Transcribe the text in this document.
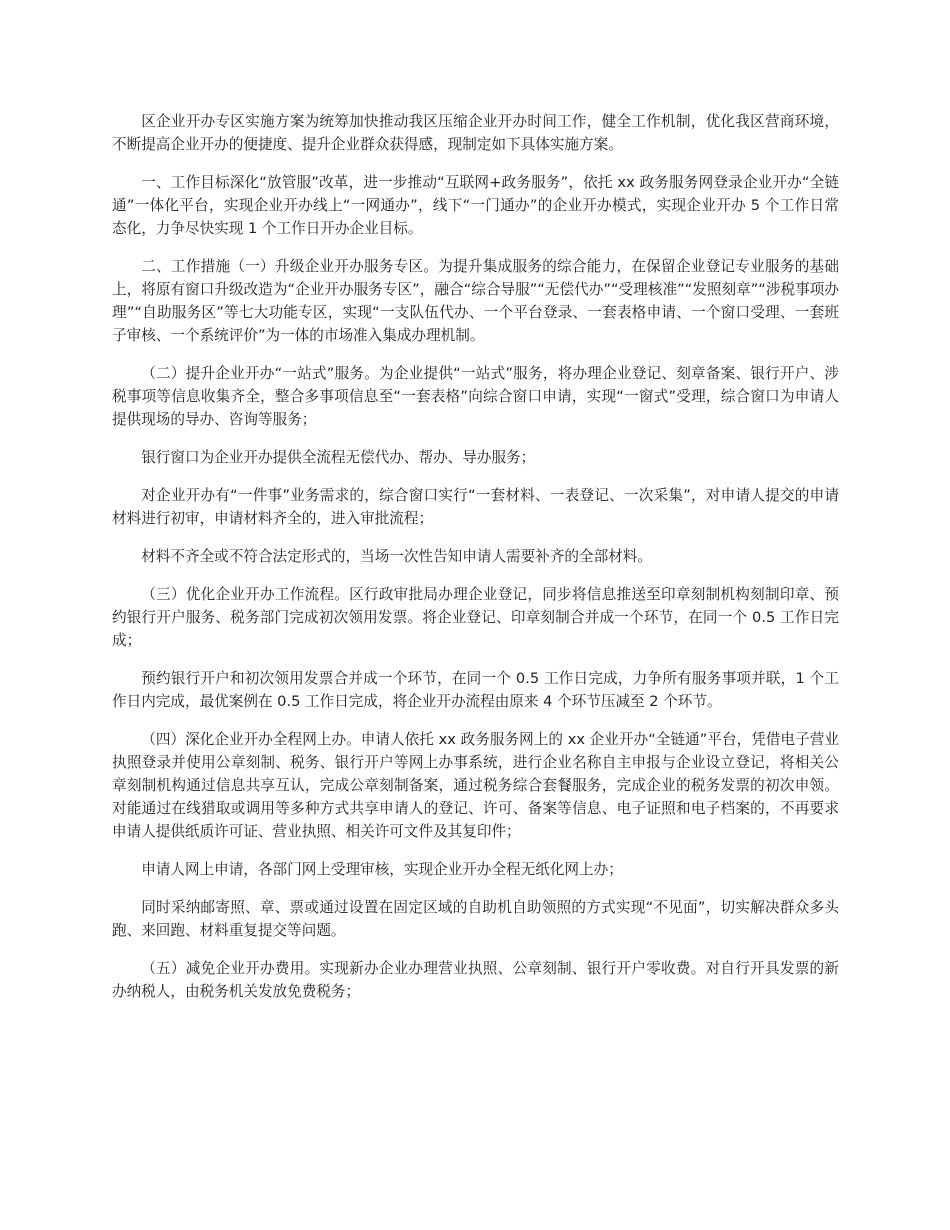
区企业开办专区实施方案为统筹加快推动我区压缩企业开办时间工作，健全工作机制，优化我区营商环境，不断提高企业开办的便捷度、提升企业群众获得感，现制定如下具体实施方案。

一、工作目标深化“放管服”改革，进一步推动“互联网+政务服务”，依托 xx 政务服务网登录企业开办“全链通”一体化平台，实现企业开办线上“一网通办”，线下“一门通办”的企业开办模式，实现企业开办 5 个工作日常态化，力争尽快实现 1 个工作日开办企业目标。

二、工作措施（一）升级企业开办服务专区。为提升集成服务的综合能力，在保留企业登记专业服务的基础上，将原有窗口升级改造为“企业开办服务专区”，融合“综合导服”“无偿代办”“受理核准”“发照刻章”“涉税事项办理”“自助服务区”等七大功能专区，实现“一支队伍代办、一个平台登录、一套表格申请、一个窗口受理、一套班子审核、一个系统评价”为一体的市场准入集成办理机制。

（二）提升企业开办“一站式”服务。为企业提供“一站式”服务，将办理企业登记、刻章备案、银行开户、涉税事项等信息收集齐全，整合多事项信息至“一套表格”向综合窗口申请，实现“一窗式”受理，综合窗口为申请人提供现场的导办、咨询等服务；

银行窗口为企业开办提供全流程无偿代办、帮办、导办服务；

对企业开办有“一件事”业务需求的，综合窗口实行“一套材料、一表登记、一次采集”，对申请人提交的申请材料进行初审，申请材料齐全的，进入审批流程；

材料不齐全或不符合法定形式的，当场一次性告知申请人需要补齐的全部材料。

（三）优化企业开办工作流程。区行政审批局办理企业登记，同步将信息推送至印章刻制机构刻制印章、预约银行开户服务、税务部门完成初次领用发票。将企业登记、印章刻制合并成一个环节，在同一个 0.5 工作日完成；

预约银行开户和初次领用发票合并成一个环节，在同一个 0.5 工作日完成，力争所有服务事项并联，1 个工作日内完成，最优案例在 0.5 工作日完成，将企业开办流程由原来 4 个环节压减至 2 个环节。

（四）深化企业开办全程网上办。申请人依托 xx 政务服务网上的 xx 企业开办“全链通”平台，凭借电子营业执照登录并使用公章刻制、税务、银行开户等网上办事系统，进行企业名称自主申报与企业设立登记，将相关公章刻制机构通过信息共享互认，完成公章刻制备案，通过税务综合套餐服务，完成企业的税务发票的初次申领。对能通过在线猎取或调用等多种方式共享申请人的登记、许可、备案等信息、电子证照和电子档案的，不再要求申请人提供纸质许可证、营业执照、相关许可文件及其复印件；

申请人网上申请，各部门网上受理审核，实现企业开办全程无纸化网上办；

同时采纳邮寄照、章、票或通过设置在固定区域的自助机自助领照的方式实现“不见面”，切实解决群众多头跑、来回跑、材料重复提交等问题。

（五）减免企业开办费用。实现新办企业办理营业执照、公章刻制、银行开户零收费。对自行开具发票的新办纳税人，由税务机关发放免费税务；
